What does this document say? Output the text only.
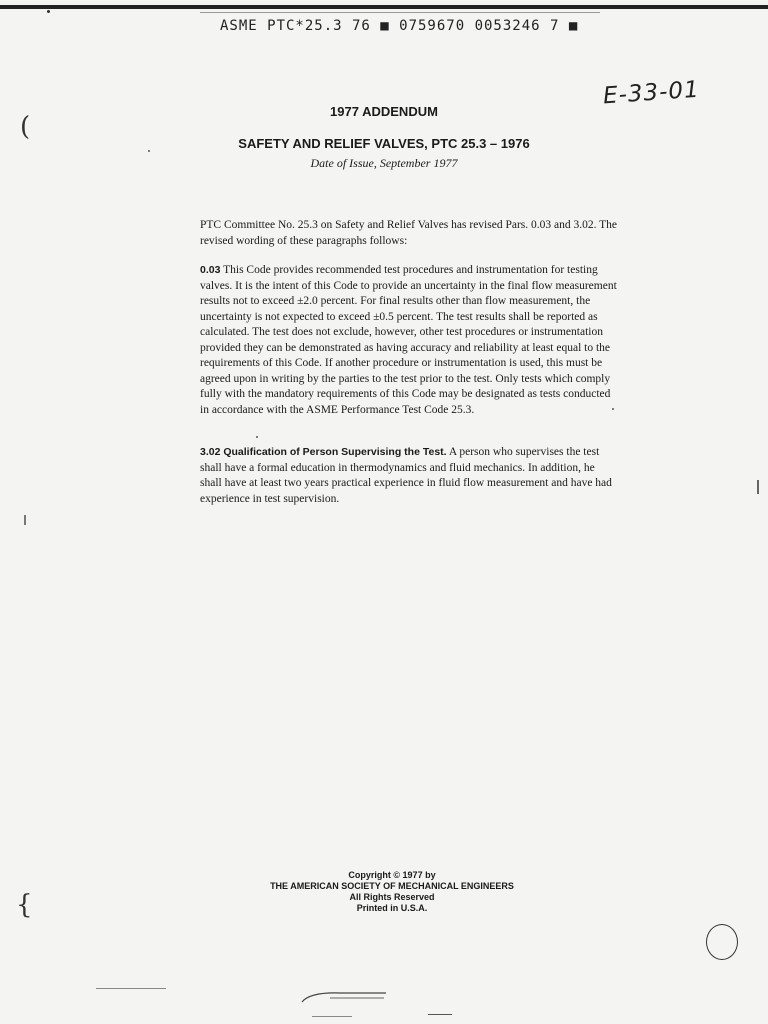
ASME PTC*25.3 76 ■ 0759670 0053246 7 ■
E-33-01
(
1977 ADDENDUM
SAFETY AND RELIEF VALVES, PTC 25.3 – 1976
Date of Issue, September 1977
PTC Committee No. 25.3 on Safety and Relief Valves has revised Pars. 0.03 and 3.02. The revised wording of these paragraphs follows:
0.03 This Code provides recommended test procedures and instrumentation for testing valves. It is the intent of this Code to provide an uncertainty in the final flow measurement results not to exceed ±2.0 percent. For final results other than flow measurement, the uncertainty is not expected to exceed ±0.5 percent. The test results shall be reported as calculated. The test does not exclude, however, other test procedures or instrumentation provided they can be demonstrated as having accuracy and reliability at least equal to the requirements of this Code. If another procedure or instrumentation is used, this must be agreed upon in writing by the parties to the test prior to the test. Only tests which comply fully with the mandatory requirements of this Code may be designated as tests conducted in accordance with the ASME Performance Test Code 25.3.
3.02 Qualification of Person Supervising the Test. A person who supervises the test shall have a formal education in thermodynamics and fluid mechanics. In addition, he shall have at least two years practical experience in fluid flow measurement and have had experience in test supervision.
Copyright © 1977 by
THE AMERICAN SOCIETY OF MECHANICAL ENGINEERS
All Rights Reserved
Printed in U.S.A.
{
